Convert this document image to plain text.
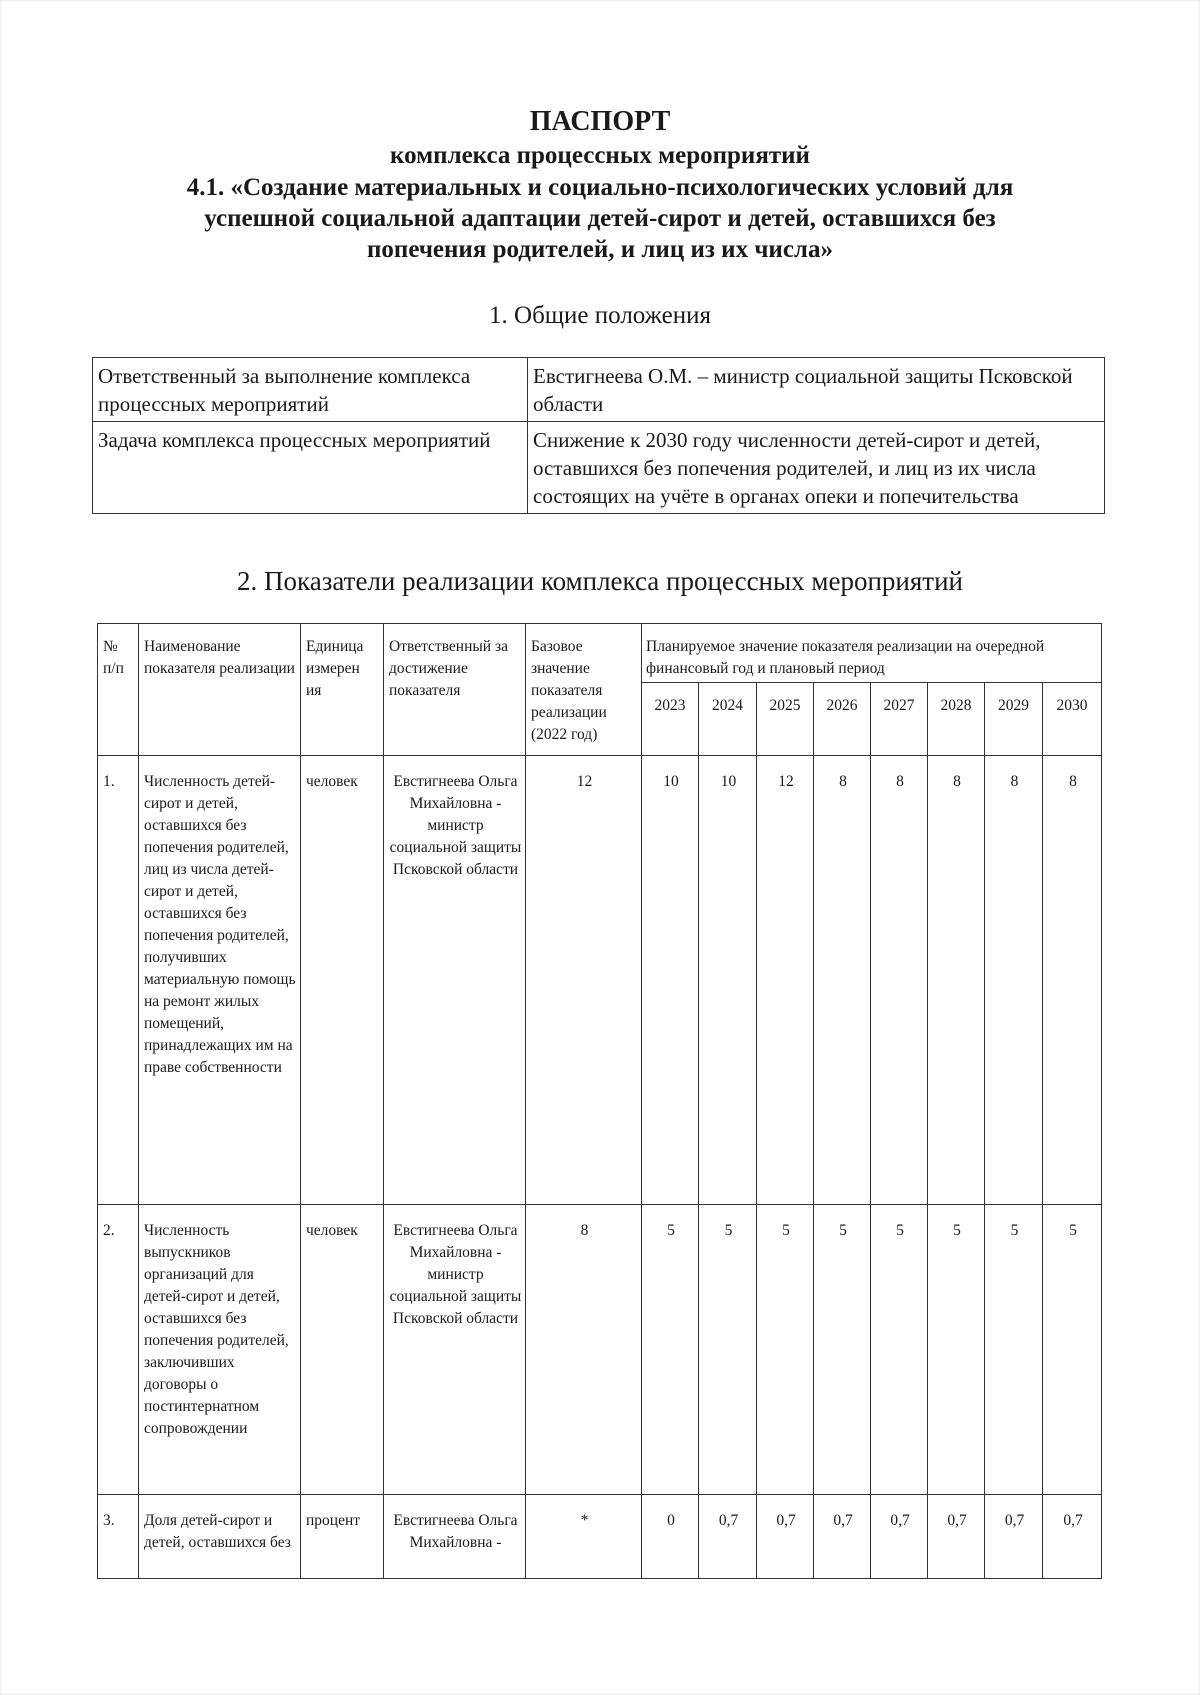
ПАСПОРТ
комплекса процессных мероприятий
4.1. «Создание материальных и социально-психологических условий для
успешной социальной адаптации детей-сирот и детей, оставшихся без
попечения родителей, и лиц из их числа»
1. Общие положения
Ответственный за выполнение комплекса процессных мероприятий	Евстигнеева О.М. – министр социальной защиты Псковской области
Задача комплекса процессных мероприятий	Снижение к 2030 году численности детей-сирот и детей, оставшихся без попечения родителей, и лиц из их числа состоящих на учёте в органах опеки и попечительства
2. Показатели реализации комплекса процессных мероприятий
№ п/п	Наименование показателя реализации	Единица измерен ия	Ответственный за достижение показателя	Базовое значение показателя реализации (2022 год)	Планируемое значение показателя реализации на очередной финансовый год и плановый период							
					2023	2024	2025	2026	2027	2028	2029	2030
1.	Численность детей-сирот и детей, оставшихся без попечения родителей, лиц из числа детей-сирот и детей, оставшихся без попечения родителей, получивших материальную помощь на ремонт жилых помещений, принадлежащих им на праве собственности	человек	Евстигнеева Ольга Михайловна - министр социальной защиты Псковской области	12	10	10	12	8	8	8	8	8
2.	Численность выпускников организаций для детей-сирот и детей, оставшихся без попечения родителей, заключивших договоры о постинтернатном сопровождении	человек	Евстигнеева Ольга Михайловна - министр социальной защиты Псковской области	8	5	5	5	5	5	5	5	5
3.	Доля детей-сирот и детей, оставшихся без	процент	Евстигнеева Ольга Михайловна -	*	0	0,7	0,7	0,7	0,7	0,7	0,7	0,7
